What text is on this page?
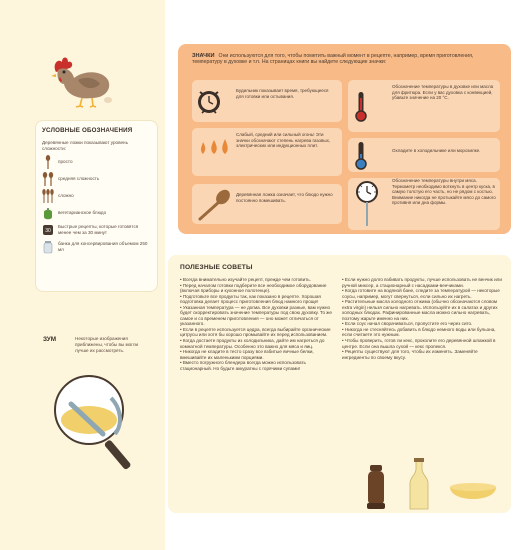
УСЛОВНЫЕ ОБОЗНАЧЕНИЯ
Деревянные ложки показывают уровень сложности:
просто
средняя сложность
сложно
вегетарианское блюдо
30
Быстрые рецепты, которые готовятся менее чем за 30 минут
банка для консервирования объемом 250 мл
ЗУМ	Некоторые изображения приближены, чтобы вы могли лучше их рассмотреть.
ЗНАЧКИ Они используются для того, чтобы пометить важный момент в рецепте, например, время приготовления, температуру в духовке и т.п. На страницах книги вы найдете следующие значки:
Будильник показывает время, требующееся для готовки или остывания.
Слабый, средний или сильный огонь! Эти значки обозначают степень нагрева газовых, электрических или индукционных плит.
Деревянная ложка означает, что блюдо нужно постоянно помешивать.
Обозначение температуры в духовке или масла для фритюра. Если у вас духовка с конвекцией, убавьте значение на 20 °С.
Охладите в холодильнике или морозилке.
Обозначение температуры внутри мяса. Термометр необходимо воткнуть в центр куска, в самую толстую его часть, но не рядом с костью. Внимание никогда не протыкайте мясо до самого противня или дна формы.
ПОЛЕЗНЫЕ СОВЕТЫ

• Всегда внимательно изучайте рецепт, прежде чем готовить.

• Перед началом готовки подберите все необходимое оборудование (включая приборы и кухонное полотенце).

• Подготовьте все продукты так, как показано в рецепте. Хорошая подготовка делает процесс приготовления блюд намного проще!

• Указанная температура — не догма. Все духовки разные, вам нужно будет скорректировать значение температуры под свою духовку. То же самое и со временем приготовления — оно может отличаться от указанного.

• Если в рецепте используется цедра, всегда выбирайте органические цитрусы или хотя бы хорошо промывайте их перед использованием.

• Когда достаете продукты из холодильника, дайте им нагреться до комнатной температуры. Особенно это важно для мяса и яиц.

• Никогда не кладите в тесто сразу все взбитые яичные белки, вмешивайте их маленькими порциями.

• Вместо погружного блендера всегда можно использовать стационарный. Но будьте аккуратны с горячими супами!

• Если нужно долго взбивать продукты, лучше использовать не венчик или ручной миксер, а стационарный с насадками-венчиками.

• Когда готовите на водяной бане, следите за температурой — некоторые соусы, например, могут свернуться, если сильно их нагреть.

• Растительные масла холодного отжима (обычно обозначаются словом extra virgin) нельзя сильно нагревать. Используйте их в салатах и других холодных блюдах. Рафинированные масла можно сильно нагревать, поэтому жарьте именно на них.

• Если соус начал сворачиваться, пропустите его через сито.

• Никогда не стесняйтесь добавить в блюдо немного воды или бульона, если считаете это нужным.

• Чтобы проверить, готов ли кекс, проколите его деревянной шпажкой в центре. Если она вышла сухой — кекс пропекся.

• Рецепты существуют для того, чтобы их изменять. Заменяйте ингредиенты по своему вкусу.
